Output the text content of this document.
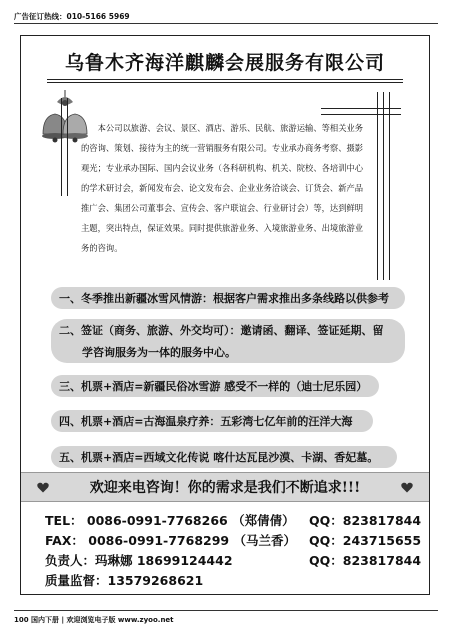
广告征订热线：010-5166 5969
乌鲁木齐海洋麒麟会展服务有限公司
本公司以旅游、会议、景区、酒店、游乐、民航、旅游运输、等相关业务
的咨询、策划、接待为主的统一营销服务有限公司。专业承办商务考察、摄影
观光；专业承办国际、国内会议业务（各科研机构、机关、院校、各培训中心
的学术研讨会，新闻发布会、论文发布会、企业业务洽谈会、订货会、新产品
推广会、集团公司董事会、宣传会、客户联谊会、行业研讨会）等，达到鲜明
主题，突出特点，保证效果。同时提供旅游业务、入境旅游业务、出境旅游业
务的咨询。
一、冬季推出新疆冰雪风情游：根据客户需求推出多条线路以供参考
二、签证（商务、旅游、外交均可）：邀请函、翻译、签证延期、留
学咨询服务为一体的服务中心。
三、机票+酒店=新疆民俗冰雪游 感受不一样的（迪士尼乐园）
四、机票+酒店=古海温泉疗养：五彩湾七亿年前的汪洋大海
五、机票+酒店=西域文化传说 喀什达瓦昆沙漠、卡湖、香妃墓。
欢迎来电咨询！你的需求是我们不断追求!!!
TEL： 0086-0991-7768266 （郑倩倩） QQ：823817844
FAX： 0086-0991-7768299 （马兰香） QQ：243715655
负责人：玛琳娜 18699124442	QQ：823817844
质量监督：13579268621
100 国内下册 | 欢迎浏览电子版 www.zyoo.net
